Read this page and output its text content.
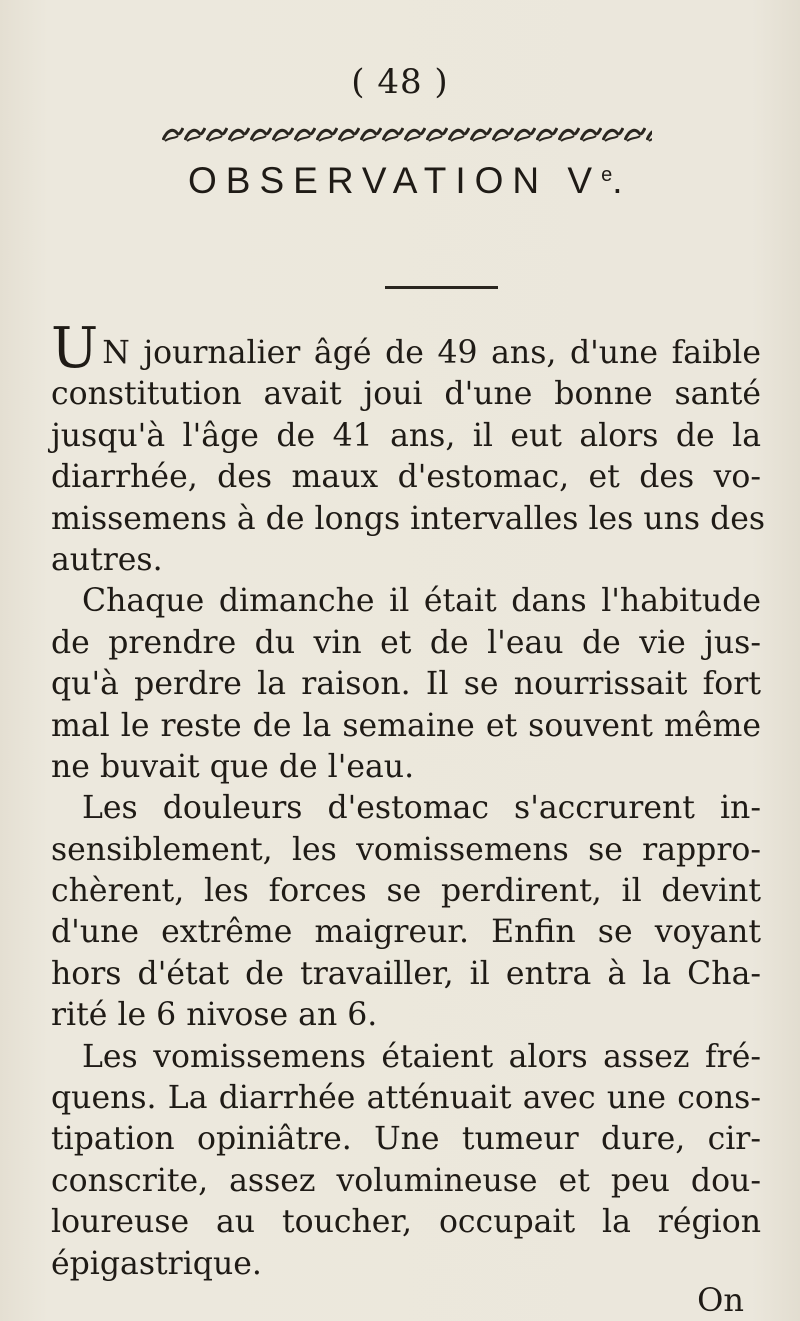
( 48 )
OBSERVATION Ve.
U N journalier âgé de 49 ans, d'une faible
constitution avait joui d'une bonne santé
jusqu'à l'âge de 41 ans, il eut alors de la
diarrhée, des maux d'estomac, et des vo-
missemens à de longs intervalles les uns des
autres.
Chaque dimanche il était dans l'habitude
de prendre du vin et de l'eau de vie jus-
qu'à perdre la raison. Il se nourrissait fort
mal le reste de la semaine et souvent même
ne buvait que de l'eau.
Les douleurs d'estomac s'accrurent in-
sensiblement, les vomissemens se rappro-
chèrent, les forces se perdirent, il devint
d'une extrême maigreur. Enfin se voyant
hors d'état de travailler, il entra à la Cha-
rité le 6 nivose an 6.
Les vomissemens étaient alors assez fré-
quens. La diarrhée atténuait avec une cons-
tipation opiniâtre. Une tumeur dure, cir-
conscrite, assez volumineuse et peu dou-
loureuse au toucher, occupait la région
épigastrique.
On
